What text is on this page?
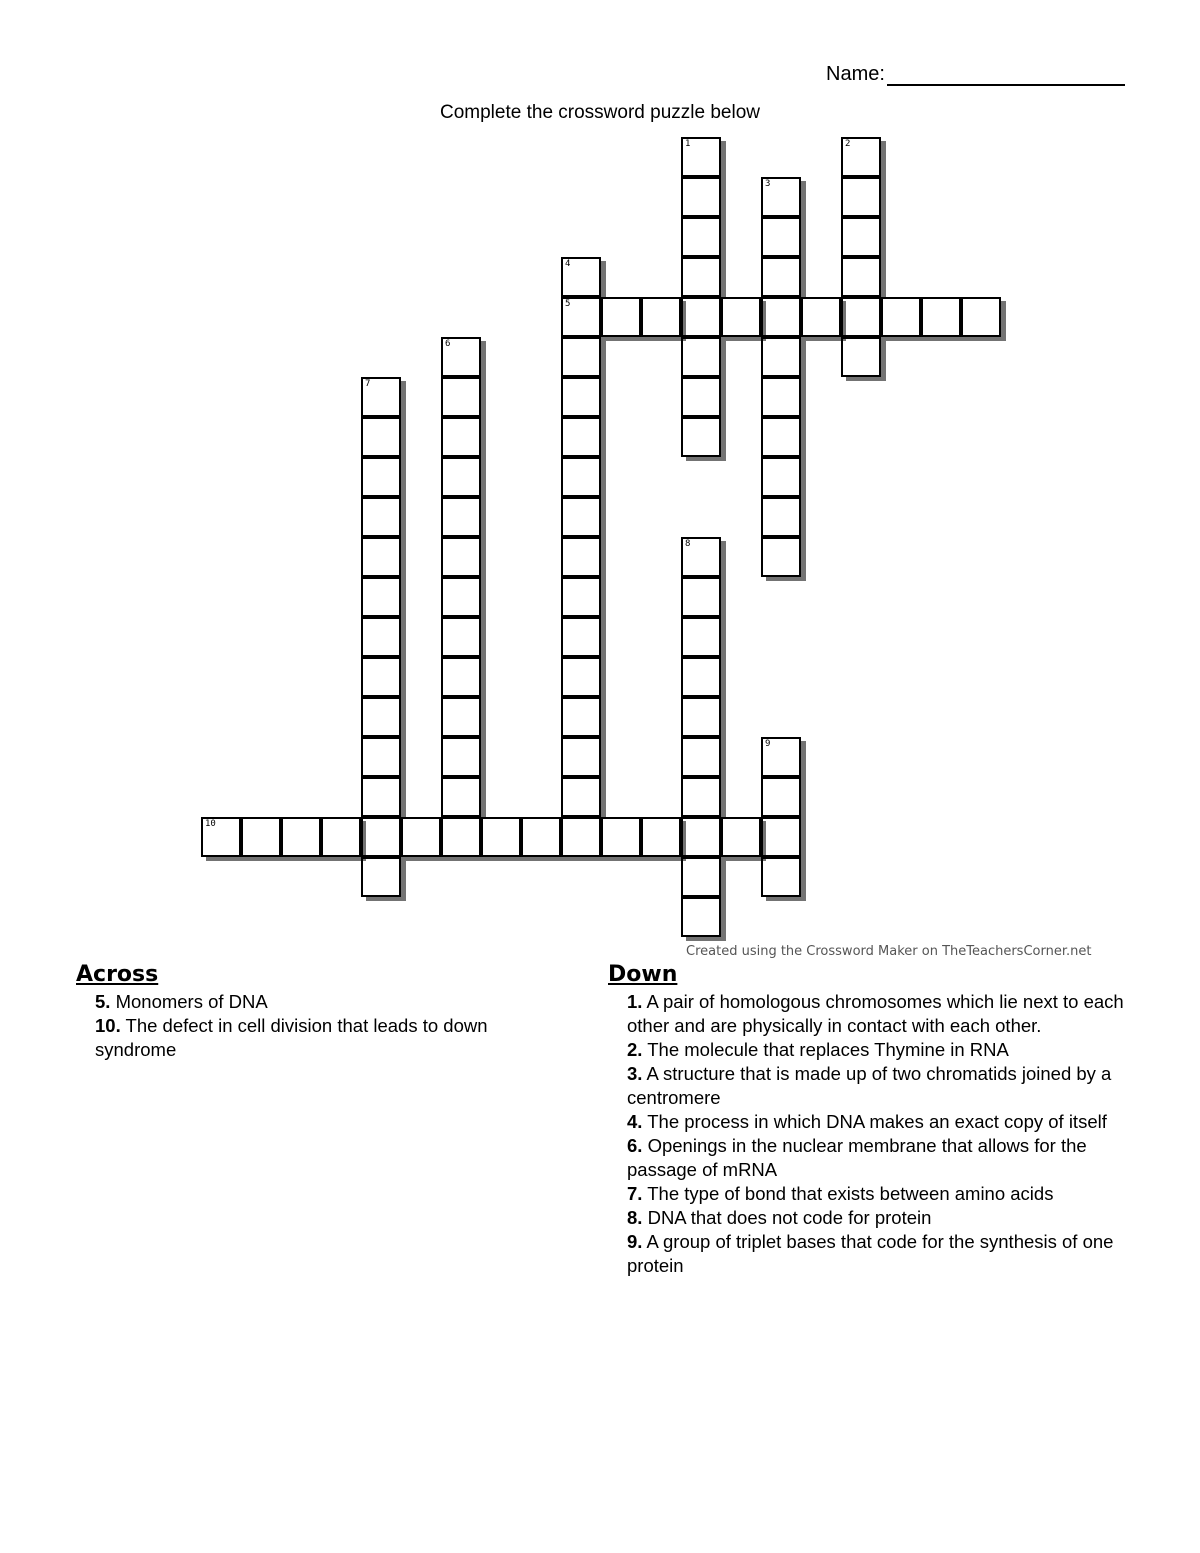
Name:
Complete the crossword puzzle below
1	2
3
4
5
6
7
8
9
10
Created using the Crossword Maker on TheTeachersCorner.net
Across
5. Monomers of DNA
10. The defect in cell division that leads to down syndrome
Down
1. A pair of homologous chromosomes which lie next to each other and are physically in contact with each other.
2. The molecule that replaces Thymine in RNA
3. A structure that is made up of two chromatids joined by a centromere
4. The process in which DNA makes an exact copy of itself
6. Openings in the nuclear membrane that allows for the passage of mRNA
7. The type of bond that exists between amino acids
8. DNA that does not code for protein
9. A group of triplet bases that code for the synthesis of one protein
